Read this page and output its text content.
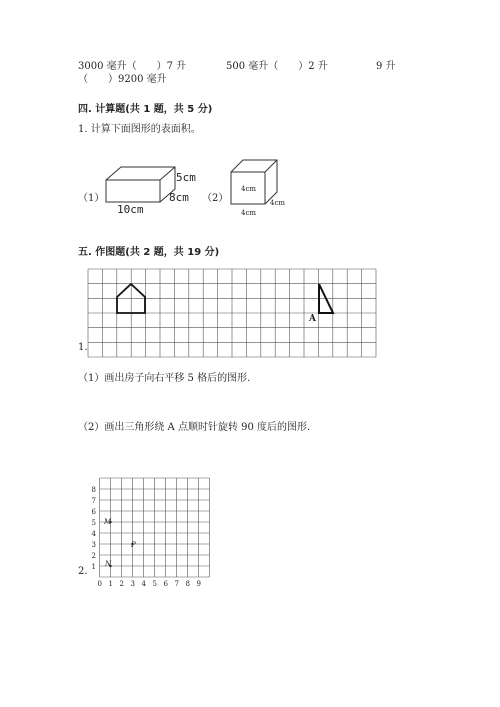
3000 毫升（　　）7 升	500 毫升（　　）2 升	9 升
（　　）9200 毫升
四. 计算题(共 1 题，共 5 分)
1. 计算下面图形的表面积。
（1）
5cm
8cm
10cm
（2）
4cm
4cm
4cm
五. 作图题(共 2 题，共 19 分)
A
1.
（1）画出房子向右平移 5 格后的图形.
（2）画出三角形绕 A 点顺时针旋转 90 度后的图形.
0 1 2 3 4 5 6 7 8 9
1
2
3
4
5
6
7
8
M
N
P
2.
